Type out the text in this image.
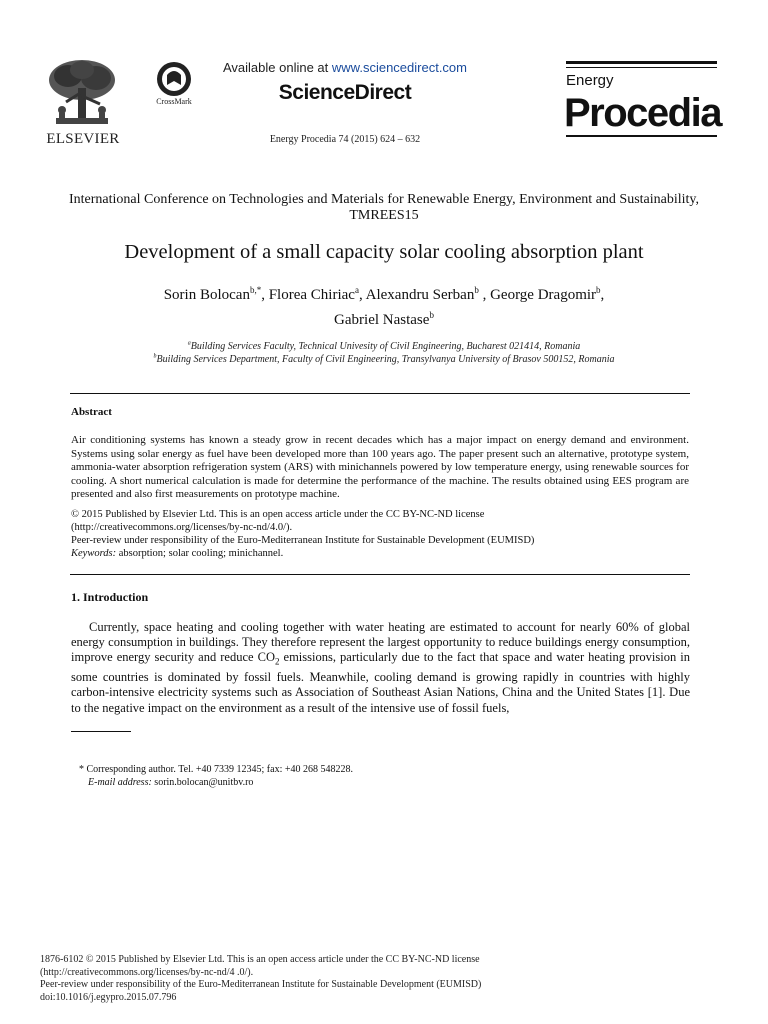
ELSEVIER
CrossMark
Available online at www.sciencedirect.com
ScienceDirect
Energy Procedia 74 (2015) 624 – 632
Energy
Procedia
International Conference on Technologies and Materials for Renewable Energy, Environment and Sustainability, TMREES15
Development of a small capacity solar cooling absorption plant
Sorin Bolocan$^{b,*}$, Florea Chiriac$^a$, Alexandru Serban$^b$ , George Dragomir$^b$,
Gabriel Nastase$^b$
$^a$Building Services Faculty, Technical Univesity of Civil Engineering, Bucharest 021414, Romania
$^b$Building Services Department, Faculty of Civil Engineering, Transylvanya University of Brasov 500152, Romania
Abstract
Air conditioning systems has known a steady grow in recent decades which has a major impact on energy demand and environment. Systems using solar energy as fuel have been developed more than 100 years ago. The paper present such an alternative, prototype system, ammonia-water absorption refrigeration system (ARS) with minichannels powered by low temperature energy, using renewable sources for cooling. A short numerical calculation is made for determine the performance of the machine. The results obtained using EES program are presented and also first measurements on prototype machine.
© 2015 Published by Elsevier Ltd. This is an open access article under the CC BY-NC-ND license
(http://creativecommons.org/licenses/by-nc-nd/4.0/).
Peer-review under responsibility of the Euro-Mediterranean Institute for Sustainable Development (EUMISD)
Keywords: absorption; solar cooling; minichannel.
1. Introduction
Currently, space heating and cooling together with water heating are estimated to account for nearly 60% of global energy consumption in buildings. They therefore represent the largest opportunity to reduce buildings energy consumption, improve energy security and reduce $CO_2$ emissions, particularly due to the fact that space and water heating provision in some countries is dominated by fossil fuels. Meanwhile, cooling demand is growing rapidly in countries with highly carbon-intensive electricity systems such as Association of Southeast Asian Nations, China and the United States [1]. Due to the negative impact on the environment as a result of the intensive use of fossil fuels,
* Corresponding author. Tel. +40 7339 12345; fax: +40 268 548228.
E-mail address: sorin.bolocan@unitbv.ro
1876-6102 © 2015 Published by Elsevier Ltd. This is an open access article under the CC BY-NC-ND license
(http://creativecommons.org/licenses/by-nc-nd/4 .0/).
Peer-review under responsibility of the Euro-Mediterranean Institute for Sustainable Development (EUMISD)
doi:10.1016/j.egypro.2015.07.796
